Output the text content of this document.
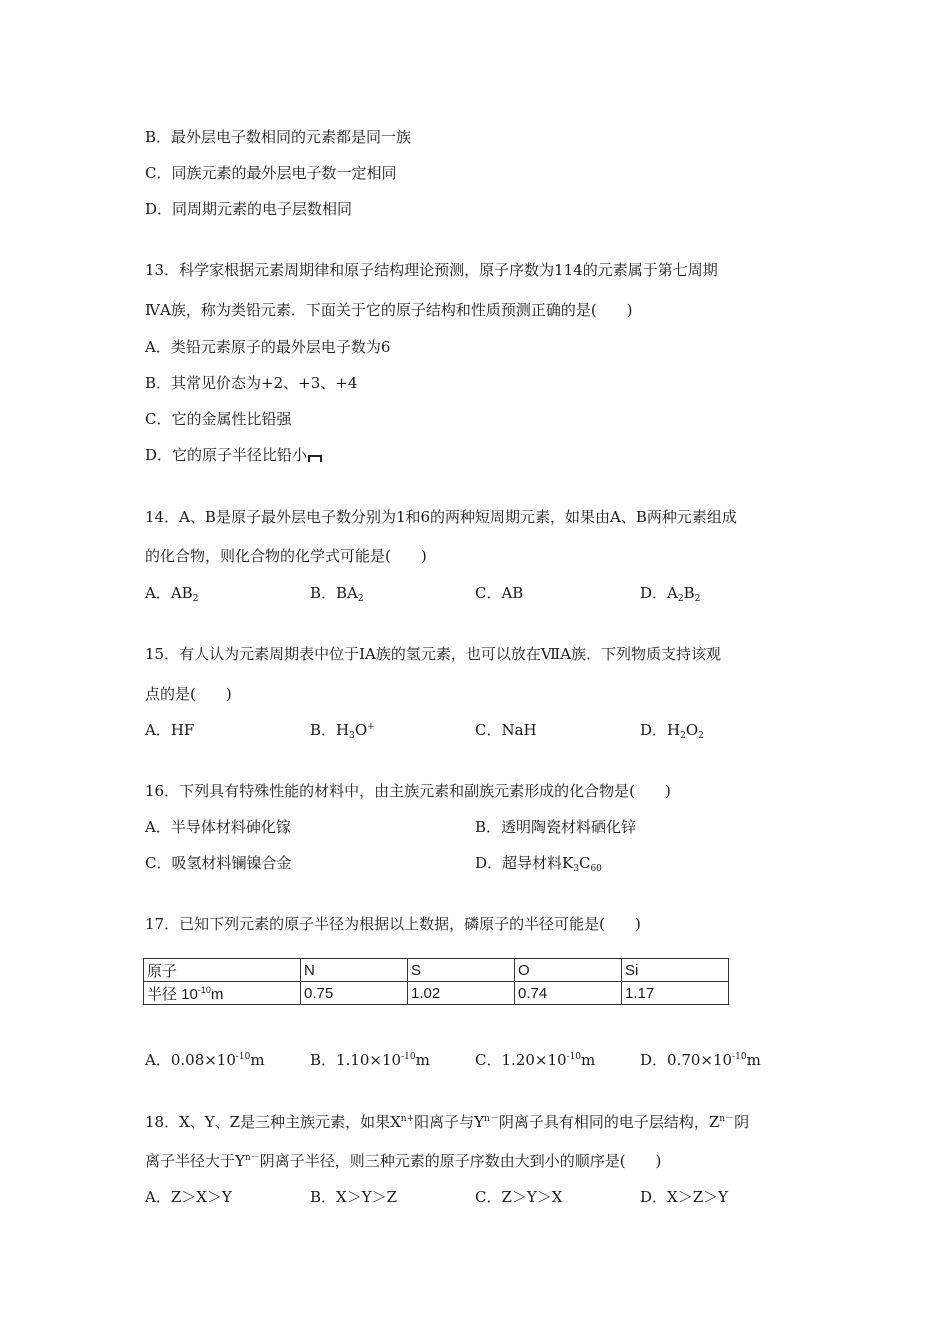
B．最外层电子数相同的元素都是同一族
C．同族元素的最外层电子数一定相同
D．同周期元素的电子层数相同
13．科学家根据元素周期律和原子结构理论预测，原子序数为114的元素属于第七周期
ⅣA族，称为类铅元素．下面关于它的原子结构和性质预测正确的是(　　)
A．类铅元素原子的最外层电子数为6
B．其常见价态为+2、+3、+4
C．它的金属性比铅强
D．它的原子半径比铅小
14．A、B是原子最外层电子数分别为1和6的两种短周期元素，如果由A、B两种元素组成
的化合物，则化合物的化学式可能是(　　)
A．$AB_2$	B．$BA_2$	C．AB	D．$A_2B_2$
15．有人认为元素周期表中位于ⅠA族的氢元素，也可以放在ⅦA族．下列物质支持该观
点的是(　　)
A．HF	B．$H_3O^+$	C．NaH	D．$H_2O_2$
16．下列具有特殊性能的材料中，由主族元素和副族元素形成的化合物是(　　)
A．半导体材料砷化镓	B．透明陶瓷材料硒化锌
C．吸氢材料镧镍合金	D．超导材料$K_3C_{60}$
17．已知下列元素的原子半径为根据以上数据，磷原子的半径可能是(　　)
原子	N	S	O	Si
半径 $10^{-10}m$	0.75	1.02	0.74	1.17
A．$0.08\times 10^{-10}m$	B．$1.10\times 10^{-10}m$	C．$1.20\times 10^{-10}m$	D．$0.70\times 10^{-10}m$
18．X、Y、Z是三种主族元素，如果$X^{n+}$阳离子与$Y^{n-}$阴离子具有相同的电子层结构，$Z^{n-}$阴
离子半径大于$Y^{n-}$阴离子半径，则三种元素的原子序数由大到小的顺序是(　　)
A．Z＞X＞Y	B．X＞Y＞Z	C．Z＞Y＞X	D．X＞Z＞Y
